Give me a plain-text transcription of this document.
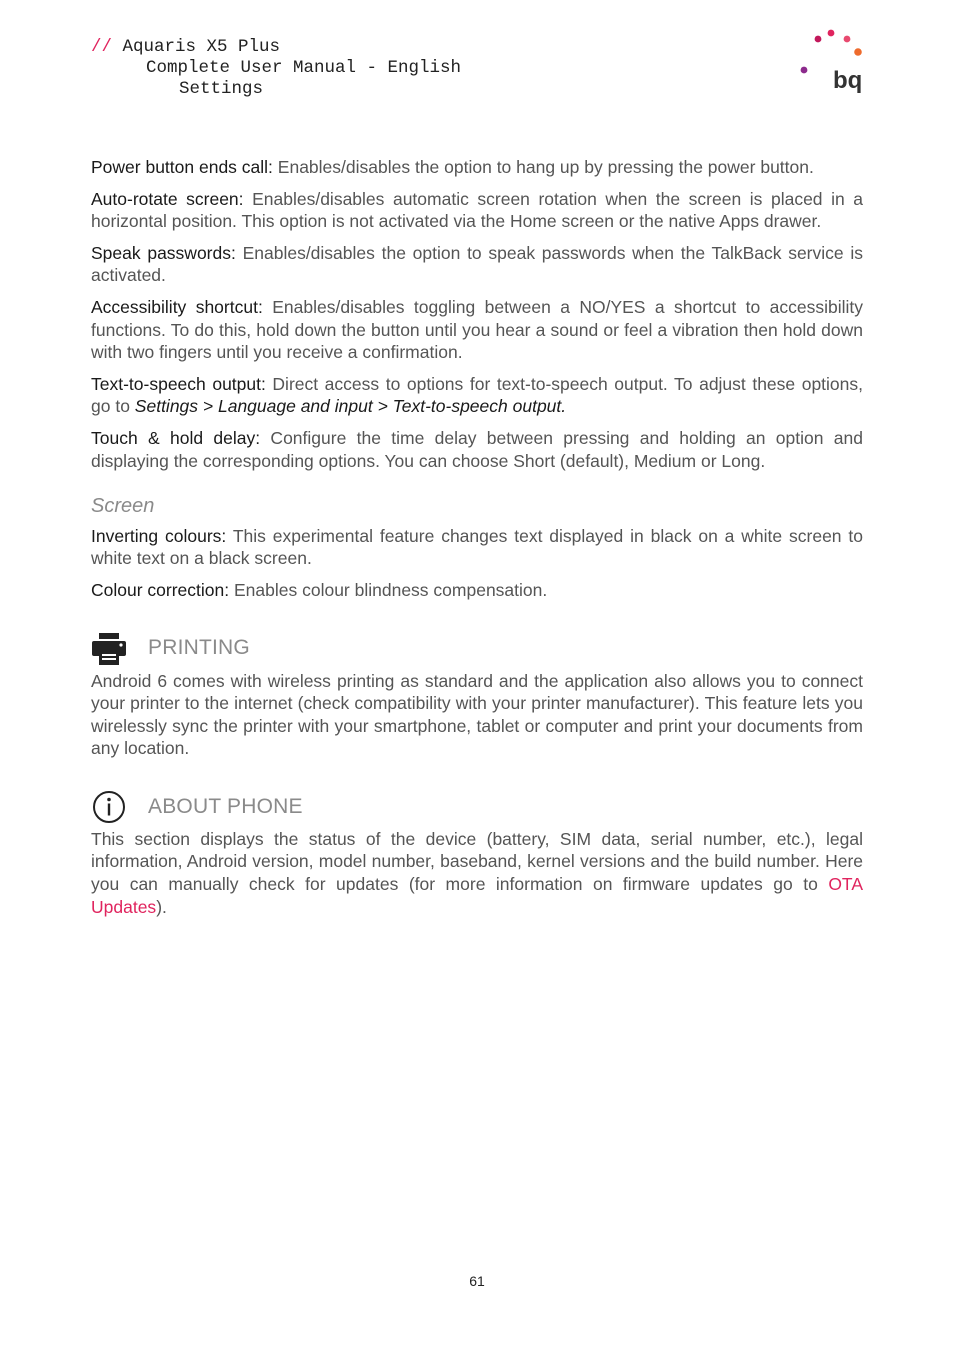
// Aquaris X5 Plus
Complete User Manual - English
Settings	bq

Power button ends call: Enables/disables the option to hang up by pressing the power button.

Auto-rotate screen: Enables/disables automatic screen rotation when the screen is placed in a horizontal position. This option is not activated via the Home screen or the native Apps drawer.

Speak passwords: Enables/disables the option to speak passwords when the TalkBack service is activated.

Accessibility shortcut: Enables/disables toggling between a NO/YES a shortcut to accessibility functions. To do this, hold down the button until you hear a sound or feel a vibration then hold down with two fingers until you receive a confirmation.

Text-to-speech output: Direct access to options for text-to-speech output. To adjust these options, go to Settings > Language and input > Text-to-speech output.

Touch & hold delay: Configure the time delay between pressing and holding an option and displaying the corresponding options. You can choose Short (default), Medium or Long.

Screen

Inverting colours: This experimental feature changes text displayed in black on a white screen to white text on a black screen.

Colour correction: Enables colour blindness compensation.

PRINTING

Android 6 comes with wireless printing as standard and the application also allows you to connect your printer to the internet (check compatibility with your printer manufacturer). This feature lets you wirelessly sync the printer with your smartphone, tablet or computer and print your documents from any location.

ABOUT PHONE

This section displays the status of the device (battery, SIM data, serial number, etc.), legal information, Android version, model number, baseband, kernel versions and the build number. Here you can manually check for updates (for more information on firmware updates go to OTA Updates).

61
